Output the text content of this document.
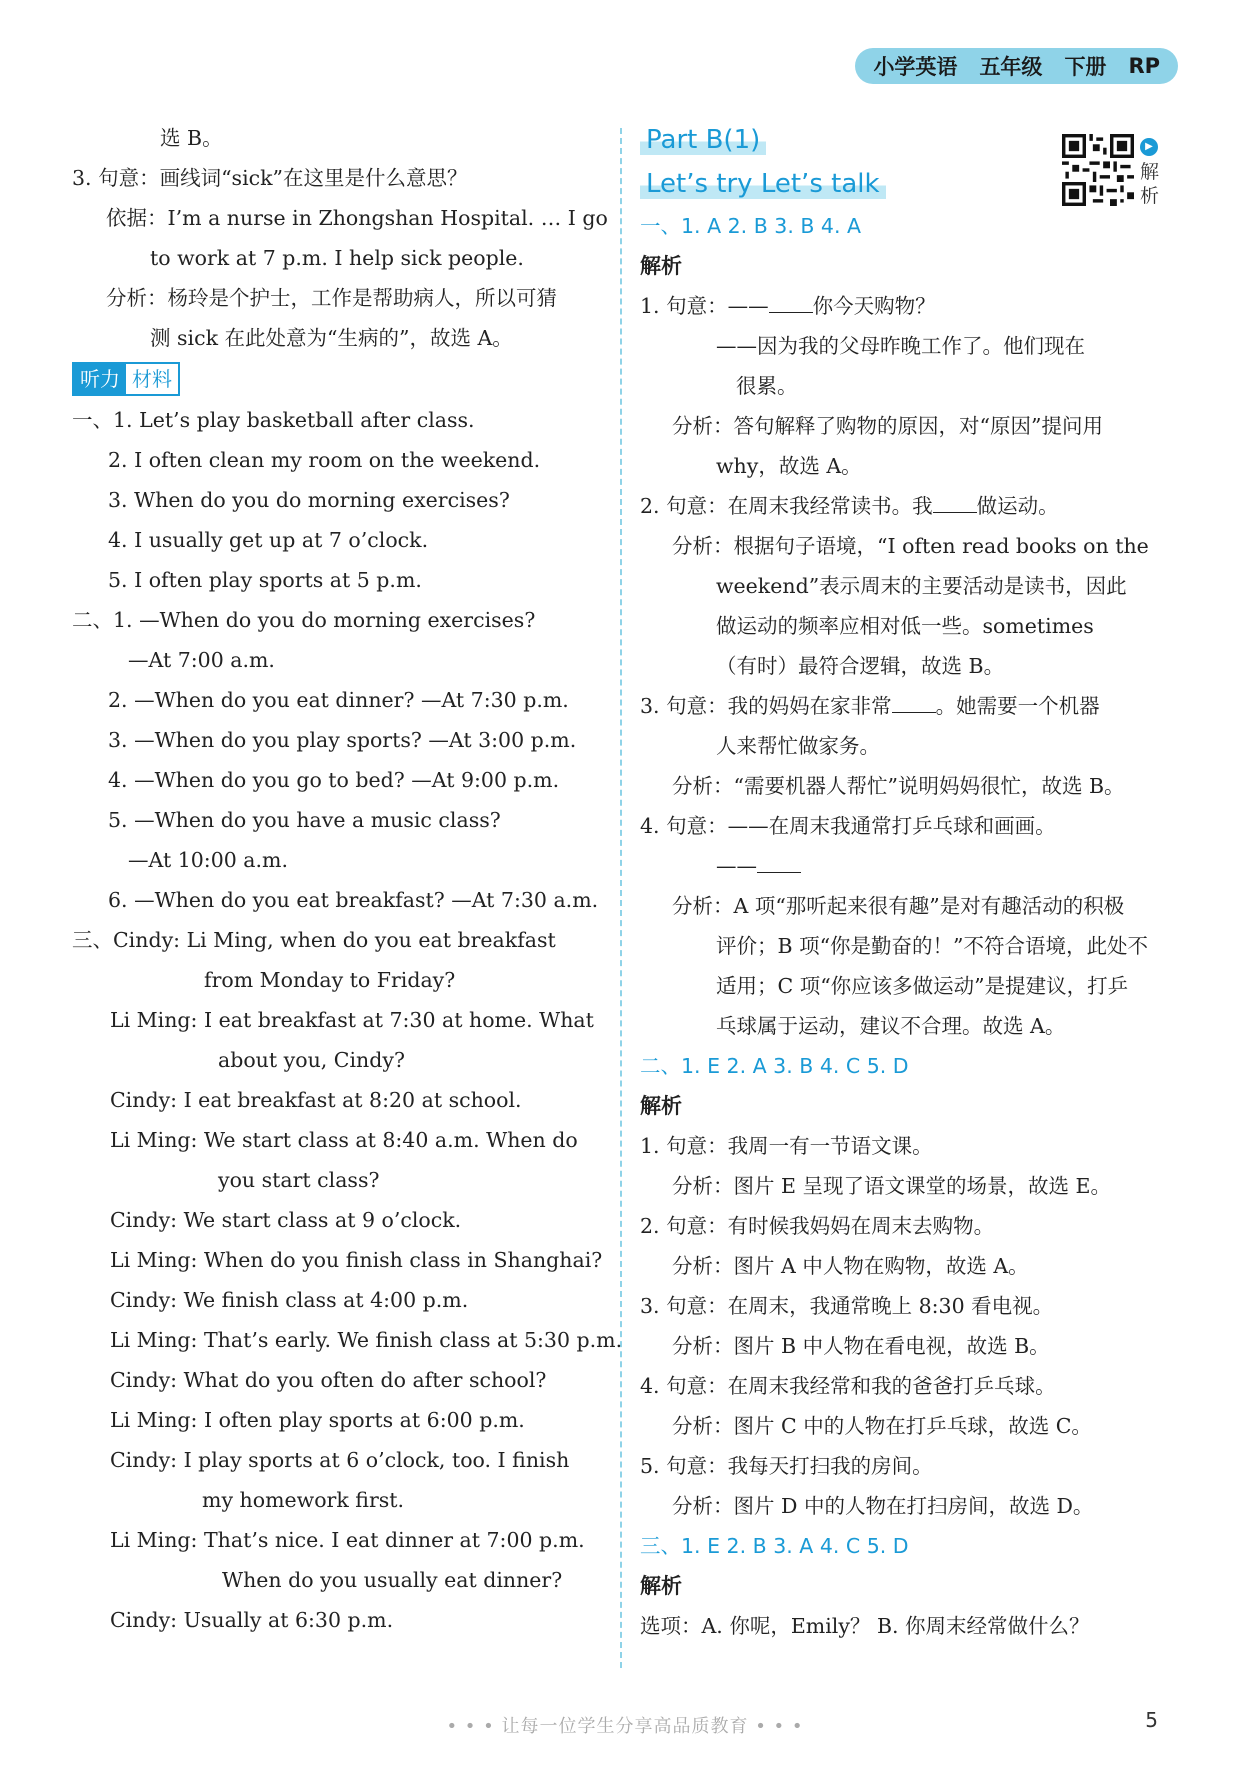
小学英语 五年级 下册 RP
选 B。
3. 句意：画线词“sick”在这里是什么意思？
依据：I’m a nurse in Zhongshan Hospital. … I go
to work at 7 p.m. I help sick people.
分析：杨玲是个护士，工作是帮助病人，所以可猜
测 sick 在此处意为“生病的”，故选 A。
听力 材料
一、1. Let’s play basketball after class.
2. I often clean my room on the weekend.
3. When do you do morning exercises?
4. I usually get up at 7 o’clock.
5. I often play sports at 5 p.m.
二、1. —When do you do morning exercises?
—At 7:00 a.m.
2. —When do you eat dinner? —At 7:30 p.m.
3. —When do you play sports? —At 3:00 p.m.
4. —When do you go to bed? —At 9:00 p.m.
5. —When do you have a music class?
—At 10:00 a.m.
6. —When do you eat breakfast? —At 7:30 a.m.
三、Cindy: Li Ming, when do you eat breakfast
from Monday to Friday?
Li Ming: I eat breakfast at 7:30 at home. What
about you, Cindy?
Cindy: I eat breakfast at 8:20 at school.
Li Ming: We start class at 8:40 a.m. When do
you start class?
Cindy: We start class at 9 o’clock.
Li Ming: When do you finish class in Shanghai?
Cindy: We finish class at 4:00 p.m.
Li Ming: That’s early. We finish class at 5:30 p.m.
Cindy: What do you often do after school?
Li Ming: I often play sports at 6:00 p.m.
Cindy: I play sports at 6 o’clock, too. I finish
my homework first.
Li Ming: That’s nice. I eat dinner at 7:00 p.m.
When do you usually eat dinner?
Cindy: Usually at 6:30 p.m.
Part B(1)
Let’s try Let’s talk
一、1. A 2. B 3. B 4. A
解析
1. 句意：—— 你今天购物？
——因为我的父母昨晚工作了。他们现在
很累。
分析：答句解释了购物的原因，对“原因”提问用
why，故选 A。
2. 句意：在周末我经常读书。我 做运动。
分析：根据句子语境，“I often read books on the
weekend”表示周末的主要活动是读书，因此
做运动的频率应相对低一些。sometimes
（有时）最符合逻辑，故选 B。
3. 句意：我的妈妈在家非常 。她需要一个机器
人来帮忙做家务。
分析：“需要机器人帮忙”说明妈妈很忙，故选 B。
4. 句意：——在周末我通常打乒乓球和画画。
——
分析：A 项“那听起来很有趣”是对有趣活动的积极
评价；B 项“你是勤奋的！”不符合语境，此处不
适用；C 项“你应该多做运动”是提建议，打乒
乓球属于运动，建议不合理。故选 A。
二、1. E 2. A 3. B 4. C 5. D
解析
1. 句意：我周一有一节语文课。
分析：图片 E 呈现了语文课堂的场景，故选 E。
2. 句意：有时候我妈妈在周末去购物。
分析：图片 A 中人物在购物，故选 A。
3. 句意：在周末，我通常晚上 8:30 看电视。
分析：图片 B 中人物在看电视，故选 B。
4. 句意：在周末我经常和我的爸爸打乒乓球。
分析：图片 C 中的人物在打乒乓球，故选 C。
5. 句意：我每天打扫我的房间。
分析：图片 D 中的人物在打扫房间，故选 D。
三、1. E 2. B 3. A 4. C 5. D
解析
选项：A. 你呢，Emily？ B. 你周末经常做什么？
▶
解析
• • • 让每一位学生分享高品质教育 • • •	5
